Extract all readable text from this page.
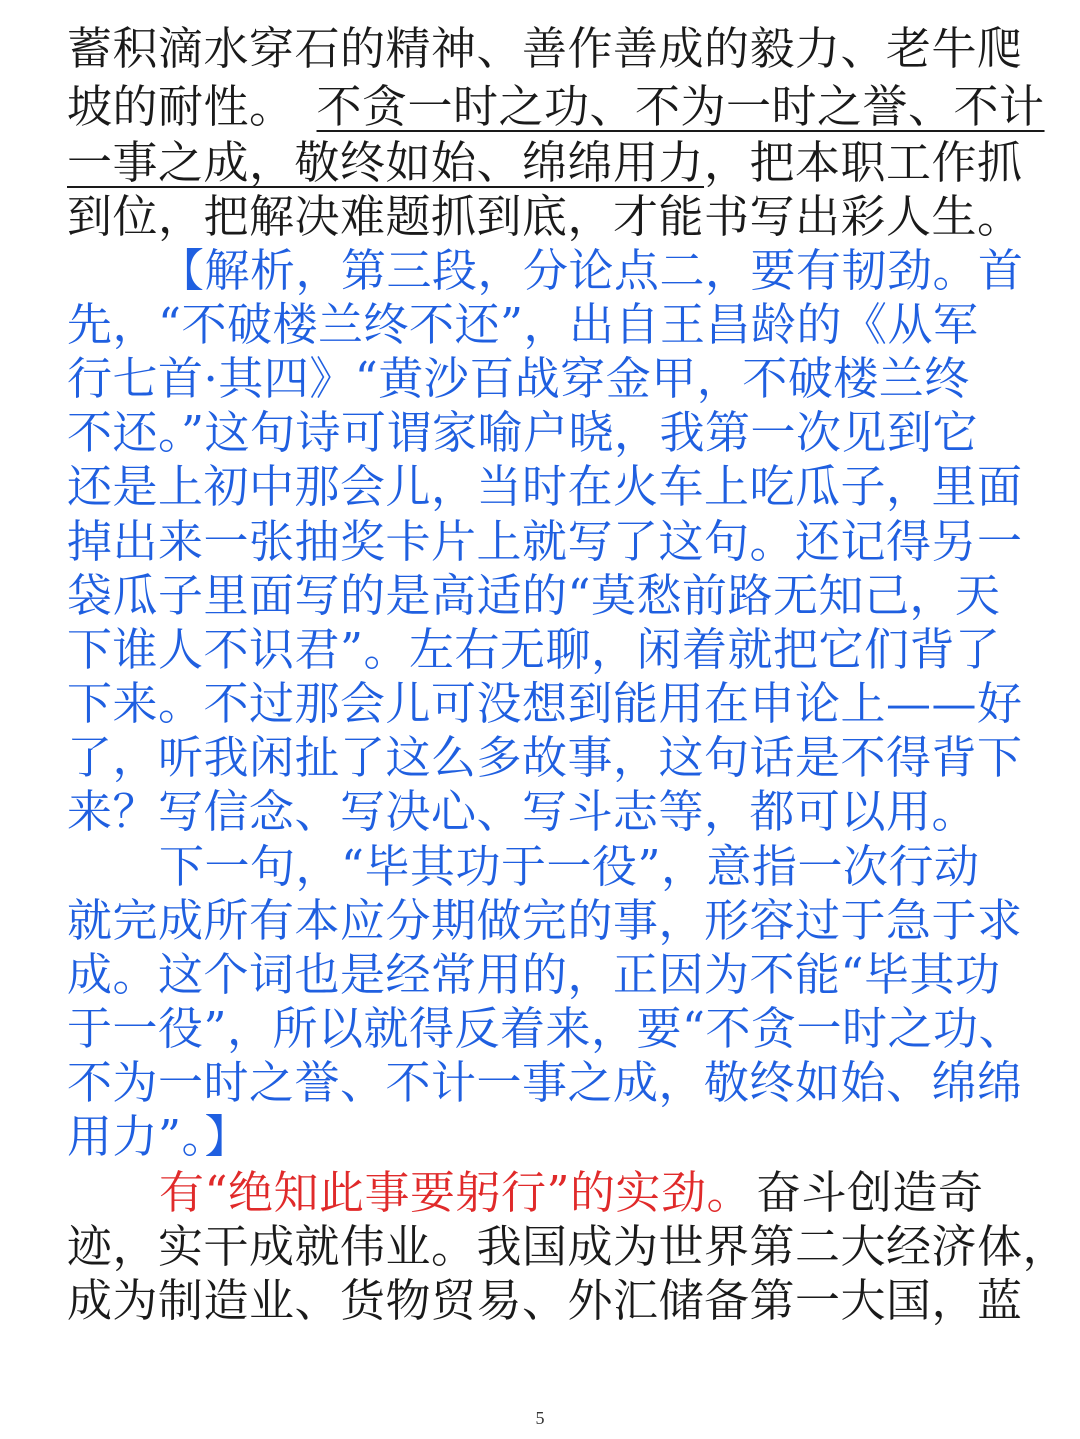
蓄积滴水穿石的精神、善作善成的毅力、老牛爬
坡的耐性。 不贪一时之功、不为一时之誉、不计
一事之成，敬终如始、绵绵用力 ，把本职工作抓
到位，把解决难题抓到底，才能书写出彩人生。
【解析，第三段，分论点二，要有韧劲。首
先，“不破楼兰终不还”，出自王昌龄的《从军
行七首·其四》“黄沙百战穿金甲，不破楼兰终
不还。”这句诗可谓家喻户晓，我第一次见到它
还是上初中那会儿，当时在火车上吃瓜子，里面
掉出来一张抽奖卡片上就写了这句。还记得另一
袋瓜子里面写的是高适的“莫愁前路无知己，天
下谁人不识君”。左右无聊，闲着就把它们背了
下来。不过那会儿可没想到能用在申论上——好
了，听我闲扯了这么多故事，这句话是不得背下
来？写信念、写决心、写斗志等，都可以用。
下一句，“毕其功于一役”，意指一次行动
就完成所有本应分期做完的事，形容过于急于求
成。这个词也是经常用的，正因为不能“毕其功
于一役”，所以就得反着来，要“不贪一时之功、
不为一时之誉、不计一事之成，敬终如始、绵绵
用力”。】
有“绝知此事要躬行”的实劲。 奋斗创造奇
迹，实干成就伟业。我国成为世界第二大经济体，
成为制造业、货物贸易、外汇储备第一大国，蓝
5
